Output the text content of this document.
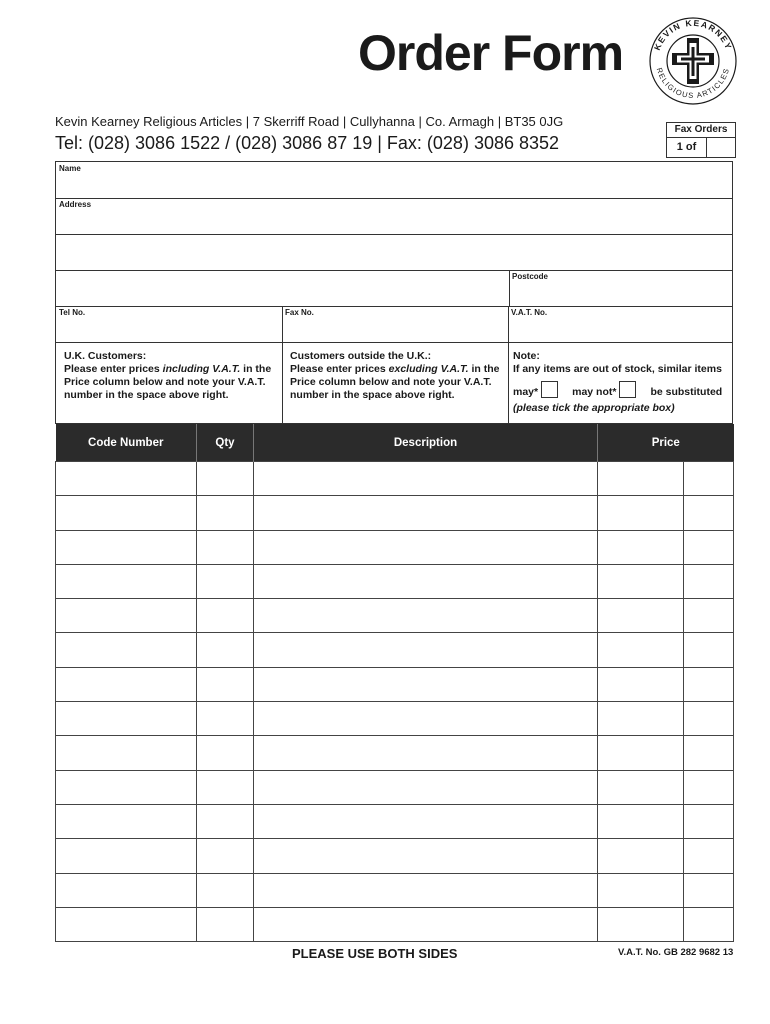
Order Form	KEVIN KEARNEY
RELIGIOUS ARTICLES
Kevin Kearney Religious Articles | 7 Skerriff Road | Cullyhanna | Co. Armagh | BT35 0JG
Tel: (028) 3086 1522 / (028) 3086 87 19 | Fax: (028) 3086 8352
Fax Orders
1 of
Name
Address
Postcode
Tel No.	Fax No.	V.A.T. No.
U.K. Customers:
Please enter prices including V.A.T. in the
Price column below and note your V.A.T.
number in the space above right.
Customers outside the U.K.:
Please enter prices excluding V.A.T. in the
Price column below and note your V.A.T.
number in the space above right.
Note:
If any items are out of stock, similar items
may*	may not*	be substituted
(please tick the appropriate box)
Code Number	Qty	Description	Price	

PLEASE USE BOTH SIDES	V.A.T. No. GB 282 9682 13
